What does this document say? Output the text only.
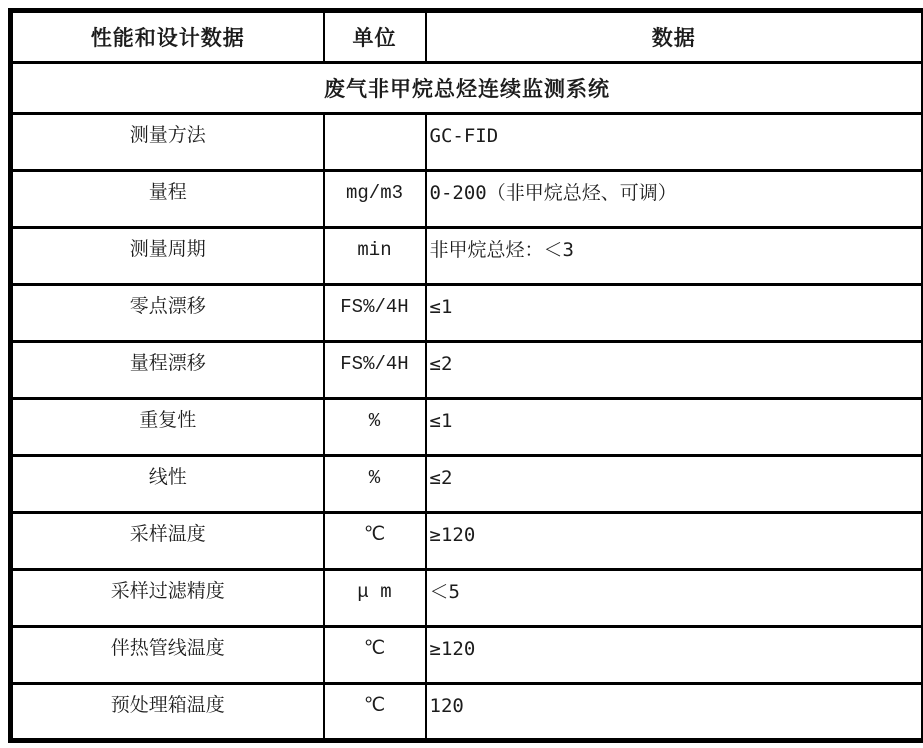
性能和设计数据	单位	数据
废气非甲烷总烃连续监测系统		
测量方法		GC-FID
量程	mg/m3	0-200（非甲烷总烃、可调）
测量周期	min	非甲烷总烃：＜3
零点漂移	FS%/4H	≤1
量程漂移	FS%/4H	≤2
重复性	%	≤1
线性	%	≤2
采样温度	℃	≥120
采样过滤精度	μ m	＜5
伴热管线温度	℃	≥120
预处理箱温度	℃	120
